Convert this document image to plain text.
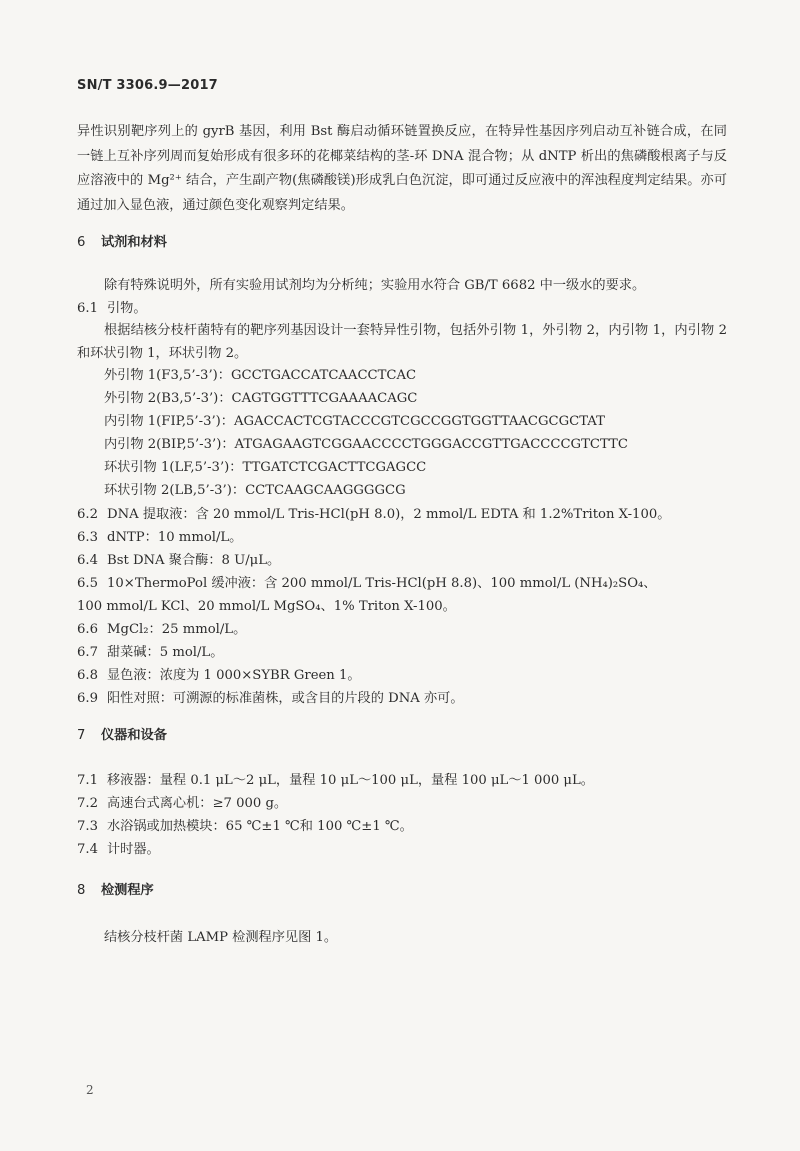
SN/T 3306.9—2017
异性识别靶序列上的 gyrB 基因，利用 Bst 酶启动循环链置换反应，在特异性基因序列启动互补链合成，在同一链上互补序列周而复始形成有很多环的花椰菜结构的茎-环 DNA 混合物；从 dNTP 析出的焦磷酸根离子与反应溶液中的 Mg²⁺ 结合，产生副产物(焦磷酸镁)形成乳白色沉淀，即可通过反应液中的浑浊程度判定结果。亦可通过加入显色液，通过颜色变化观察判定结果。
6 试剂和材料
除有特殊说明外，所有实验用试剂均为分析纯；实验用水符合 GB/T 6682 中一级水的要求。
6.1 引物。
根据结核分枝杆菌特有的靶序列基因设计一套特异性引物，包括外引物 1，外引物 2，内引物 1，内引物 2 和环状引物 1，环状引物 2。
外引物 1(F3,5’-3’)：GCCTGACCATCAACCTCAC
外引物 2(B3,5’-3’)：CAGTGGTTTCGAAAACAGC
内引物 1(FIP,5’-3’)：AGACCACTCGTACCCGTCGCCGGTGGTTAACGCGCTAT
内引物 2(BIP,5’-3’)：ATGAGAAGTCGGAACCCCTGGGACCGTTGACCCCGTCTTC
环状引物 1(LF,5’-3’)：TTGATCTCGACTTCGAGCC
环状引物 2(LB,5’-3’)：CCTCAAGCAAGGGGCG
6.2 DNA 提取液：含 20 mmol/L Tris-HCl(pH 8.0)，2 mmol/L EDTA 和 1.2%Triton X-100。
6.3 dNTP：10 mmol/L。
6.4 Bst DNA 聚合酶：8 U/μL。
6.5 10×ThermoPol 缓冲液：含 200 mmol/L Tris-HCl(pH 8.8)、100 mmol/L (NH₄)₂SO₄、
100 mmol/L KCl、20 mmol/L MgSO₄、1% Triton X-100。
6.6 MgCl₂：25 mmol/L。
6.7 甜菜碱：5 mol/L。
6.8 显色液：浓度为 1 000×SYBR Green 1。
6.9 阳性对照：可溯源的标准菌株，或含目的片段的 DNA 亦可。
7 仪器和设备
7.1 移液器：量程 0.1 μL～2 μL，量程 10 μL～100 μL，量程 100 μL～1 000 μL。
7.2 高速台式离心机：≥7 000 g。
7.3 水浴锅或加热模块：65 ℃±1 ℃和 100 ℃±1 ℃。
7.4 计时器。
8 检测程序
结核分枝杆菌 LAMP 检测程序见图 1。
2
